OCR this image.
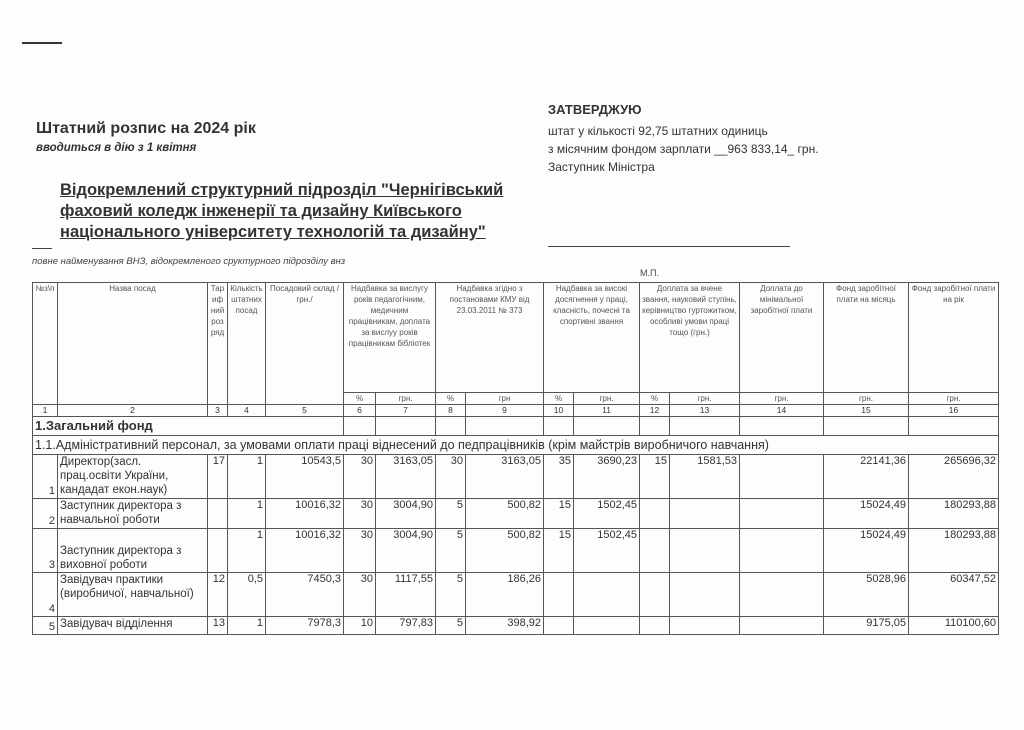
Штатний розпис на 2024 рік
вводиться в дію з 1 квітня
Відокремлений структурний підрозділ "Чернігівський фаховий коледж інженерії та дизайну Київського національного університету технологій та дизайну"
повне найменування ВНЗ, відокремленого сруктурного підрозділу внз
ЗАТВЕРДЖУЮ
штат у кількості 92,75 штатних одиниць
з місячним фондом зарплати __963 833,14_ грн.
Заступник Міністра
М.П.
№з\п	Назва посад	Тарифний розряд	Кількість штатних посад	Посадовий склад /грн./	Надбавка за вислугу років педагогічним, медичним працівникам, доплата за вислуу років працівникам бібліотек		Надбавка згідно з постановами КМУ від 23.03.2011 № 373		Надбавка за високі досягнення у праці, класність, почесні та спортивні звання		Доплата за вчене звання, науковий ступінь, керівництво гуртожитком, особливі умови праці тощо (грн.)		Доплата до мінімальної заробітної плати	Фонд заробітної плати на місяць	Фонд заробітної плати на рік
					%	грн.	%	грн	%	грн.	%	грн.	грн.	грн.	грн.
1	2	3	4	5	6	7	8	9	10	11	12	13	14	15	16
1.Загальний фонд															
1.1.Адміністративний персонал, за умовами оплати праці віднесений до педпрацівників (крім майстрів виробничого навчання)															
1	Директор(засл. прац.освіти України, кандадат екон.наук)	17	1	10543,5	30	3163,05	30	3163,05	35	3690,23	15	1581,53		22141,36	265696,32
2	Заступник директора з навчальної роботи		1	10016,32	30	3004,90	5	500,82	15	1502,45				15024,49	180293,88
3	Заступник директора з виховної роботи		1	10016,32	30	3004,90	5	500,82	15	1502,45				15024,49	180293,88
4	Завідувач практики (виробничої, навчальної)	12	0,5	7450,3	30	1117,55	5	186,26						5028,96	60347,52
5	Завідувач відділення	13	1	7978,3	10	797,83	5	398,92						9175,05	110100,60
